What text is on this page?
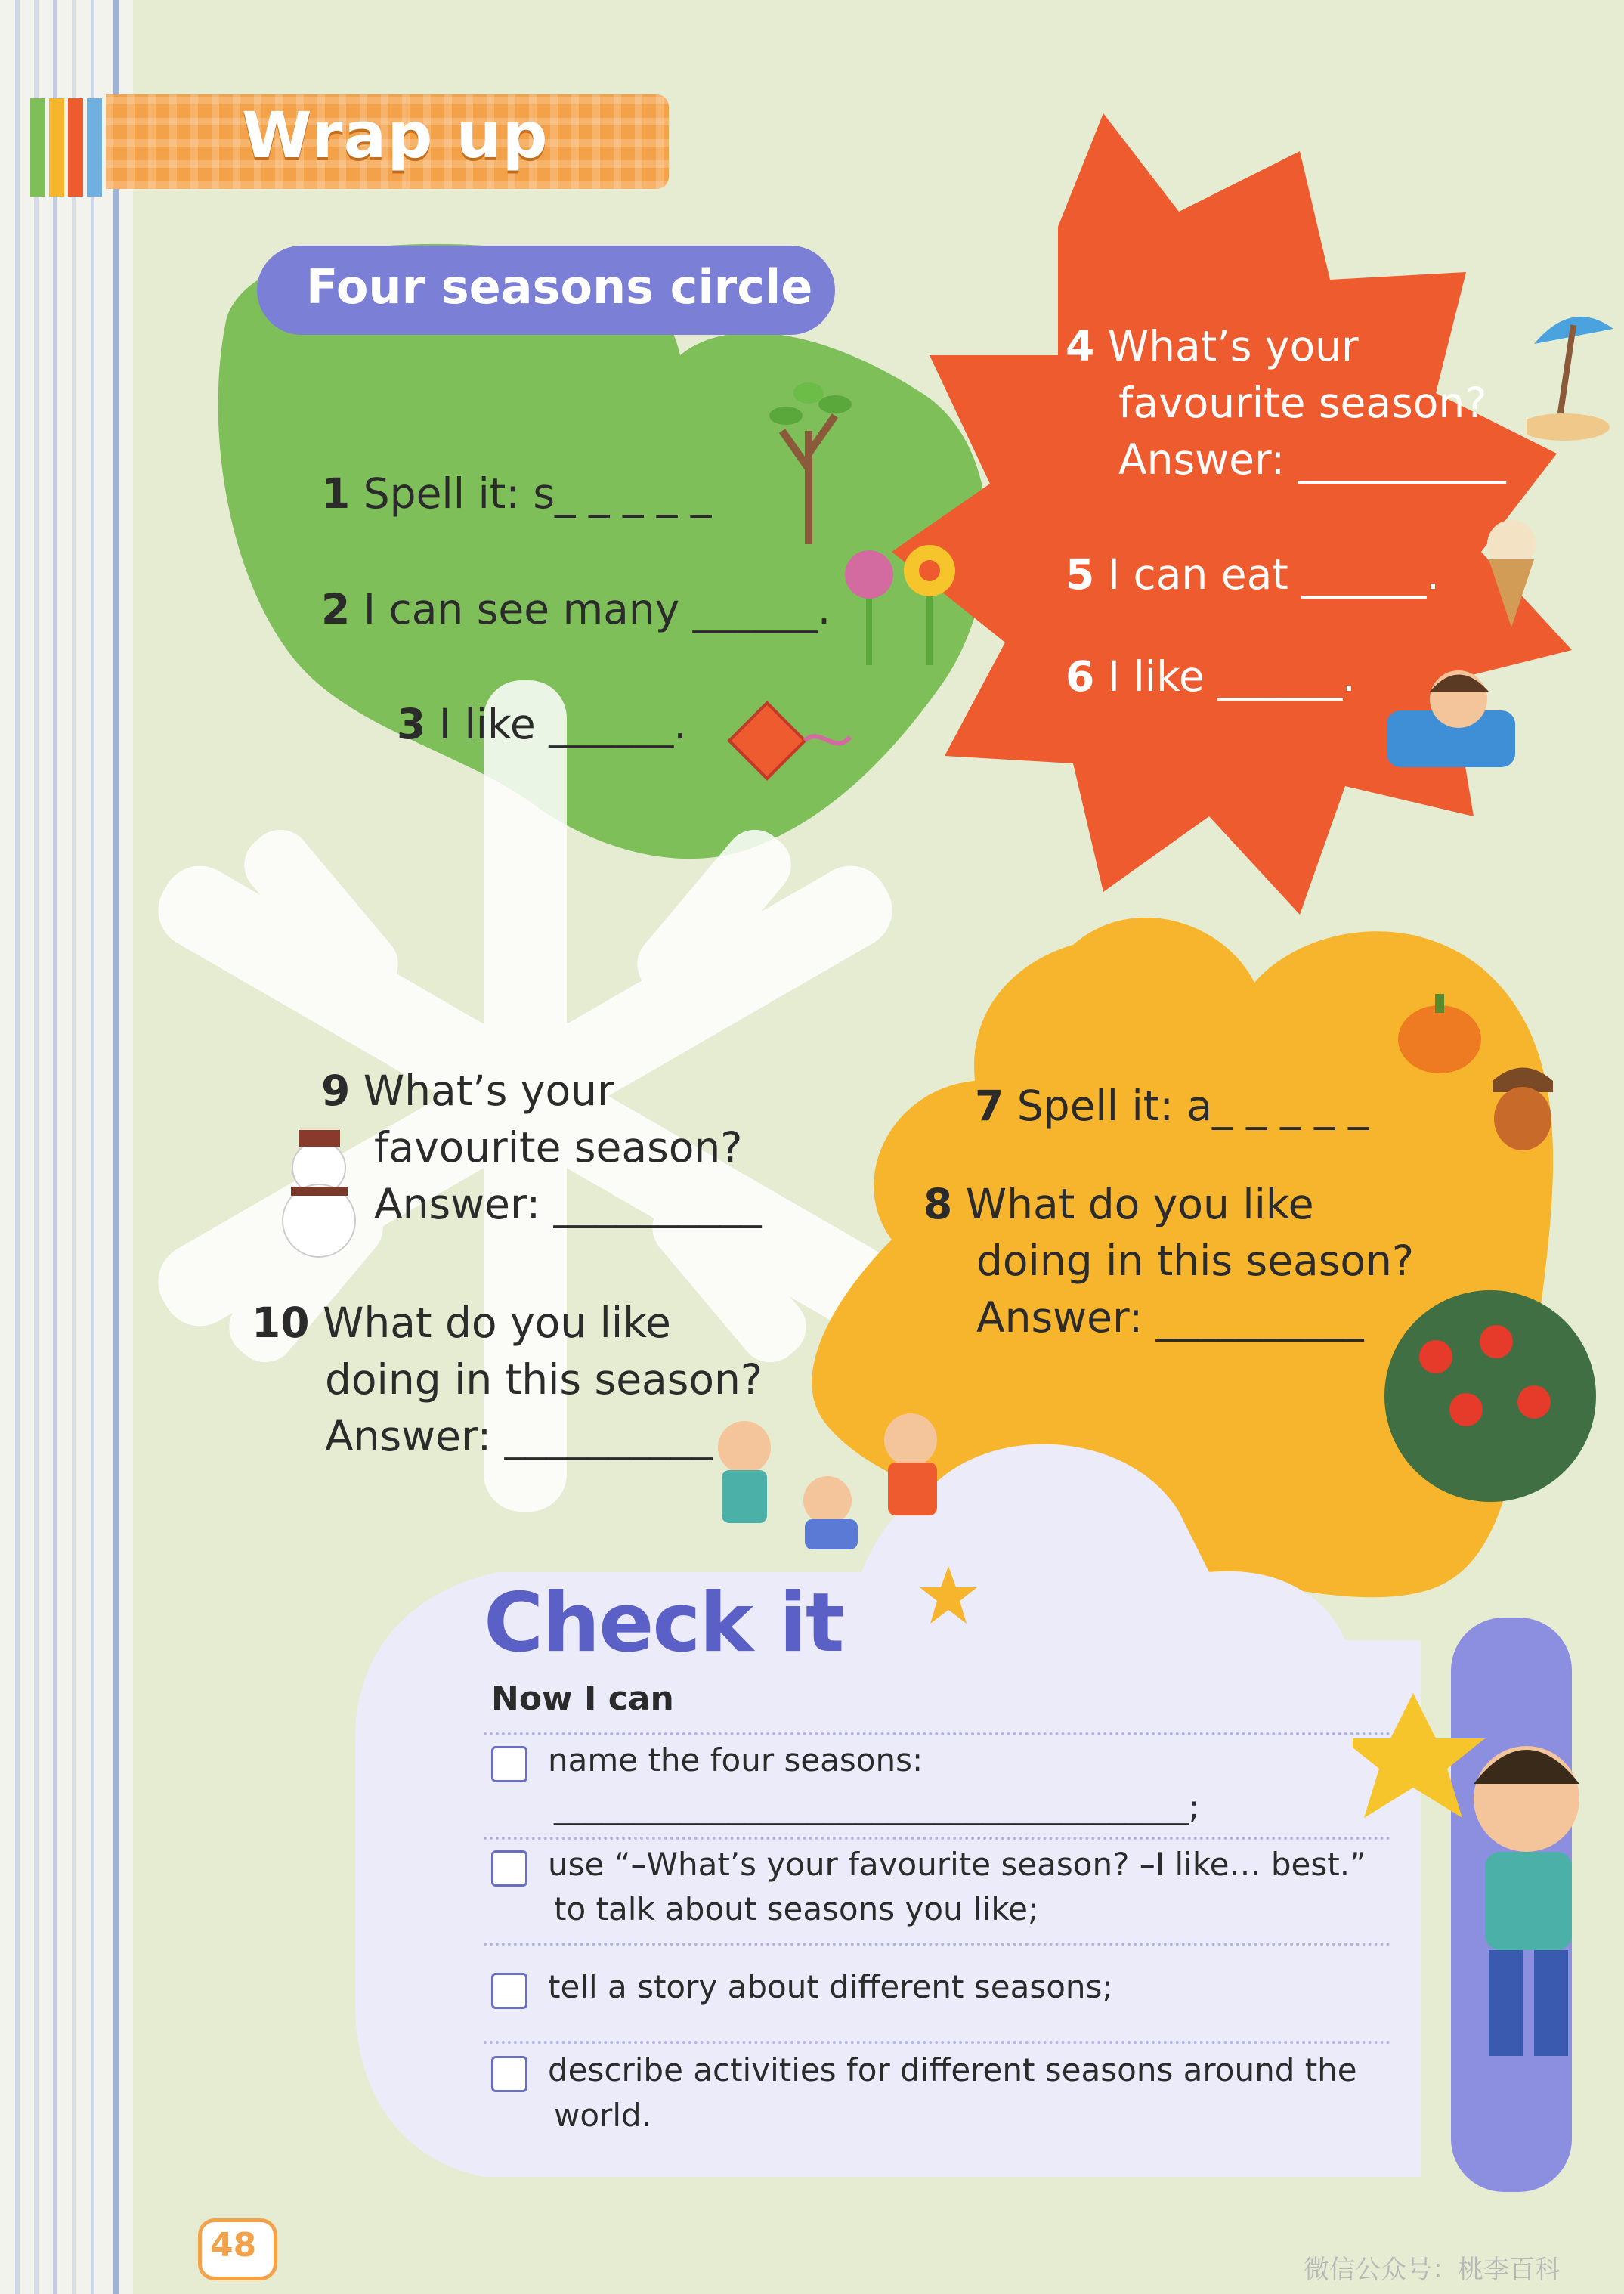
Wrap up
Four seasons circle
1 Spell it: s_ _ _ _ _
2 I can see many ______.
3 I like ______.
4 What’s your
favourite season?
Answer: __________
5 I can eat ______.
6 I like ______.
7 Spell it: a_ _ _ _ _
8 What do you like
doing in this season?
Answer: __________
9 What’s your
favourite season?
Answer: __________
10 What do you like
doing in this season?
Answer: __________
Check it
Now I can
name the four seasons:
________________________________________;
use “–What’s your favourite season? –I like… best.”
to talk about seasons you like;
tell a story about different seasons;
describe activities for different seasons around the
world.
48
微信公众号：桃李百科
